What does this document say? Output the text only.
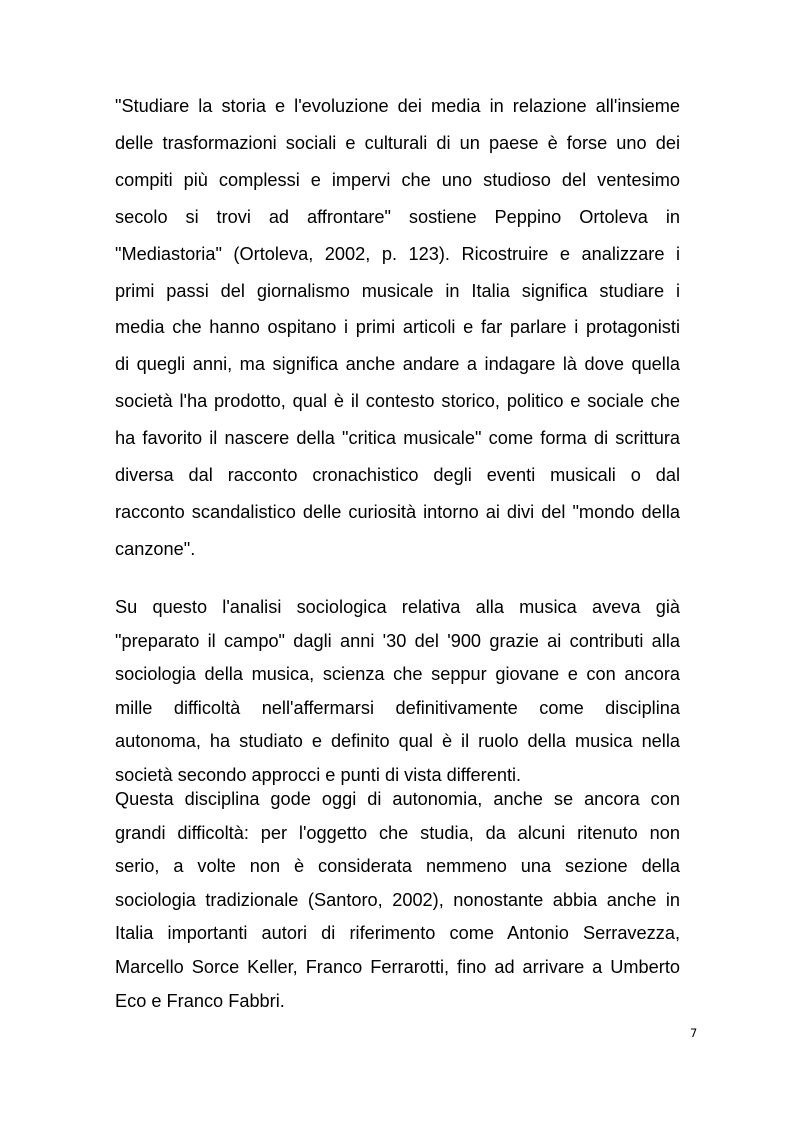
"Studiare la storia e l'evoluzione dei media in relazione all'insieme
delle trasformazioni sociali e culturali di un paese è forse uno dei
compiti più complessi e impervi che uno studioso del ventesimo
secolo si trovi ad affrontare" sostiene Peppino Ortoleva in
"Mediastoria" (Ortoleva, 2002, p. 123). Ricostruire e analizzare i
primi passi del giornalismo musicale in Italia significa studiare i
media che hanno ospitano i primi articoli e far parlare i protagonisti
di quegli anni, ma significa anche andare a indagare là dove quella
società l'ha prodotto, qual è il contesto storico, politico e sociale che
ha favorito il nascere della "critica musicale" come forma di scrittura
diversa dal racconto cronachistico degli eventi musicali o dal
racconto scandalistico delle curiosità intorno ai divi del "mondo della
canzone".
Su questo l'analisi sociologica relativa alla musica aveva già
"preparato il campo" dagli anni '30 del '900 grazie ai contributi alla
sociologia della musica, scienza che seppur giovane e con ancora
mille difficoltà nell'affermarsi definitivamente come disciplina
autonoma, ha studiato e definito qual è il ruolo della musica nella
società secondo approcci e punti di vista differenti.
Questa disciplina gode oggi di autonomia, anche se ancora con
grandi difficoltà: per l'oggetto che studia, da alcuni ritenuto non
serio, a volte non è considerata nemmeno una sezione della
sociologia tradizionale (Santoro, 2002), nonostante abbia anche in
Italia importanti autori di riferimento come Antonio Serravezza,
Marcello Sorce Keller, Franco Ferrarotti, fino ad arrivare a Umberto
Eco e Franco Fabbri.
7
